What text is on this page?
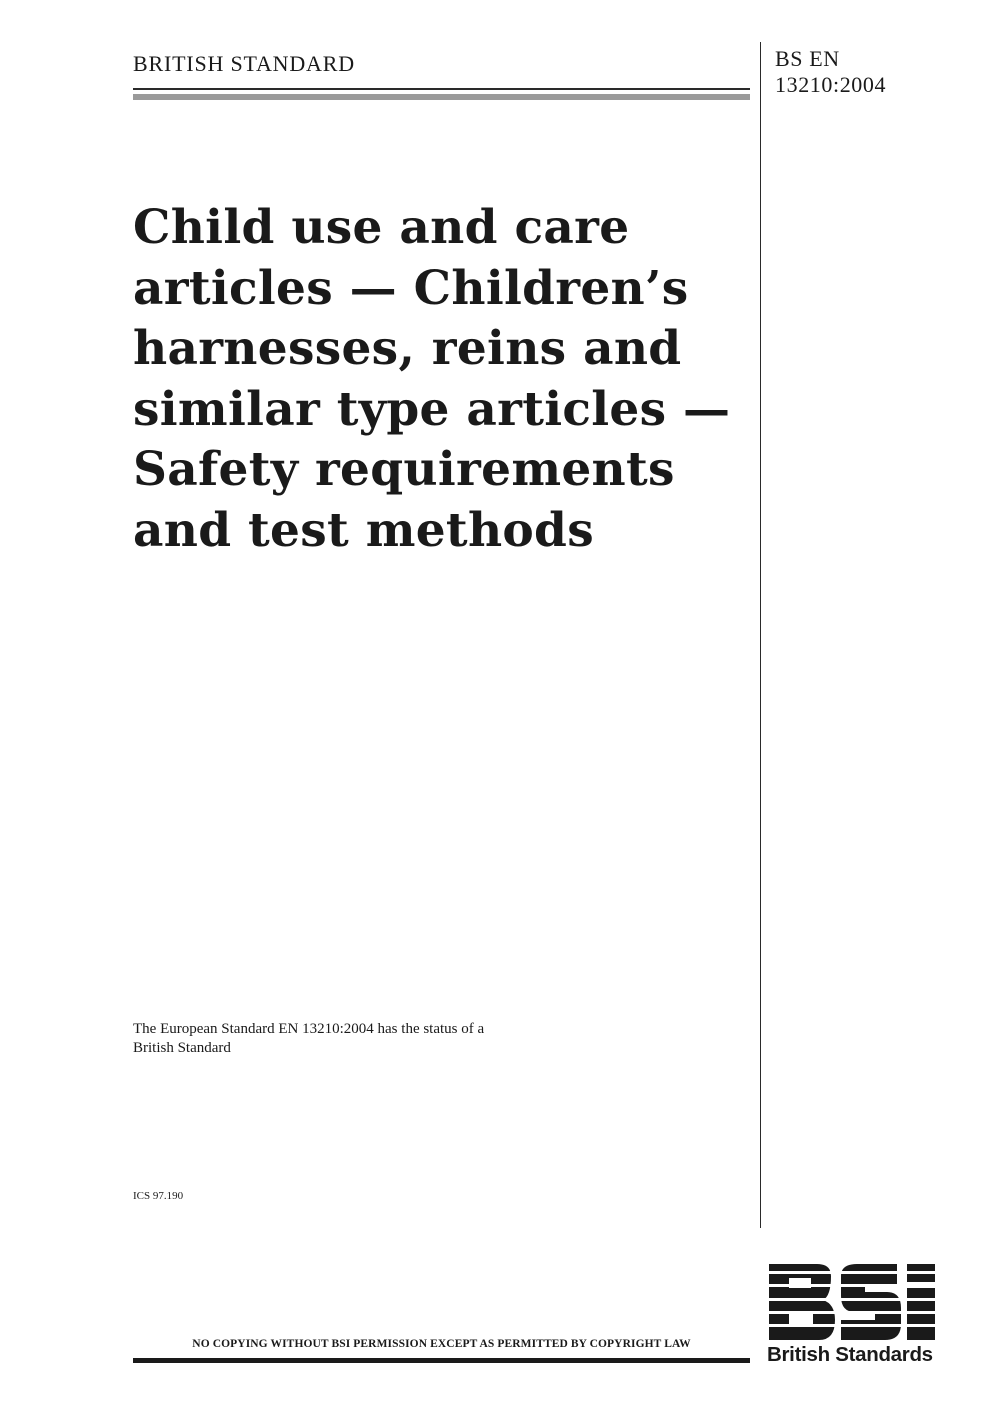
BRITISH STANDARD	BS EN
13210:2004
Child use and care
articles — Children’s
harnesses, reins and
similar type articles —
Safety requirements
and test methods
The European Standard EN 13210:2004 has the status of a
British Standard
ICS 97.190
NO COPYING WITHOUT BSI PERMISSION EXCEPT AS PERMITTED BY COPYRIGHT LAW	British Standards
